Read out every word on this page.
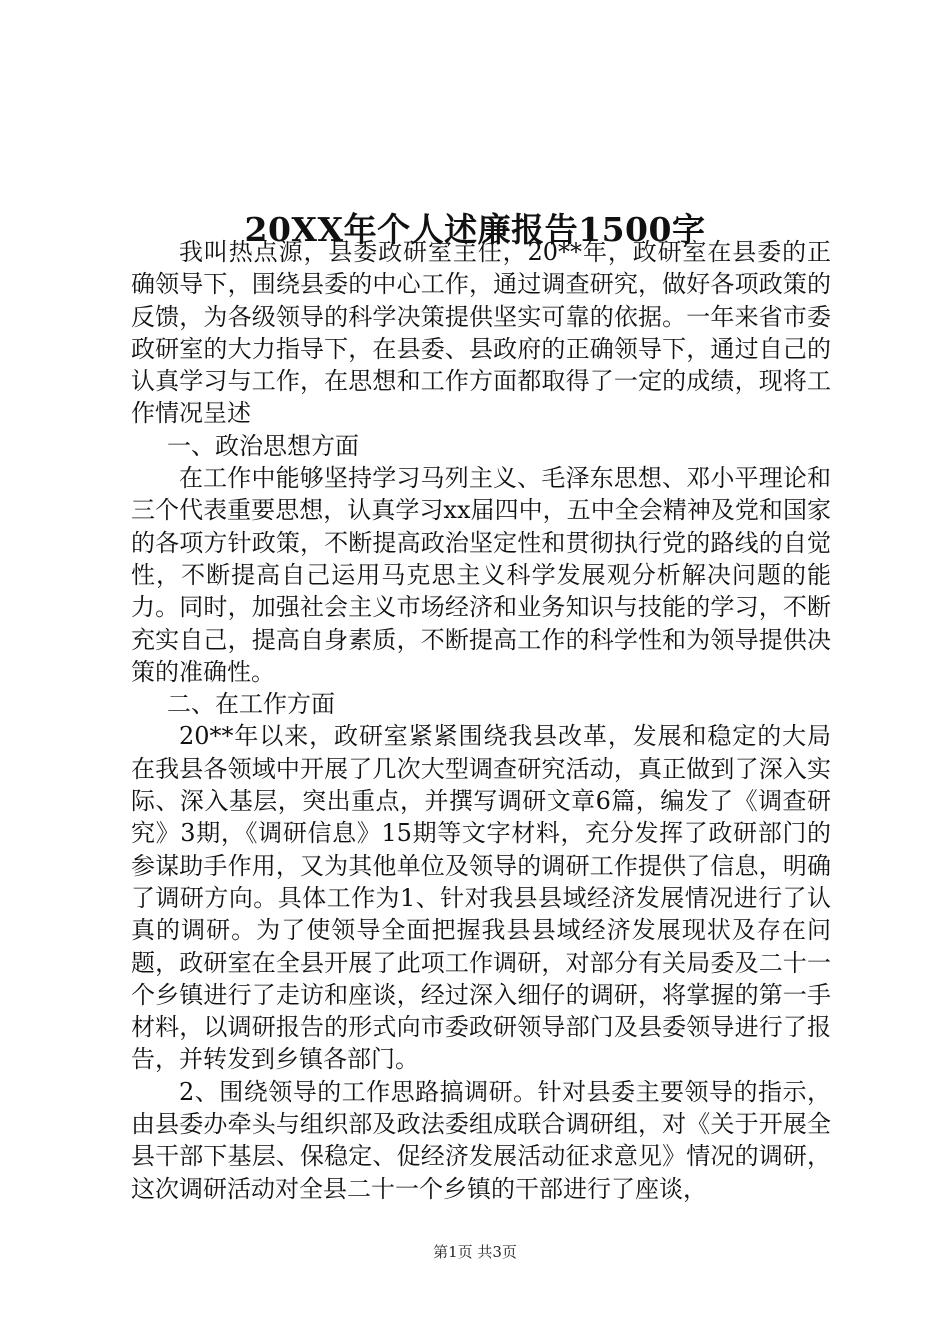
20XX年个人述廉报告1500字

我叫热点源，县委政研室主任，20**年，政研室在县委的正确领导下，围绕县委的中心工作，通过调查研究，做好各项政策的反馈，为各级领导的科学决策提供坚实可靠的依据。一年来省市委政研室的大力指导下，在县委、县政府的正确领导下，通过自己的认真学习与工作，在思想和工作方面都取得了一定的成绩，现将工作情况呈述

一、政治思想方面

在工作中能够坚持学习马列主义、毛泽东思想、邓小平理论和三个代表重要思想，认真学习xx届四中，五中全会精神及党和国家的各项方针政策，不断提高政治坚定性和贯彻执行党的路线的自觉性，不断提高自己运用马克思主义科学发展观分析解决问题的能力。同时，加强社会主义市场经济和业务知识与技能的学习，不断充实自己，提高自身素质，不断提高工作的科学性和为领导提供决策的准确性。

二、在工作方面

20**年以来，政研室紧紧围绕我县改革，发展和稳定的大局在我县各领域中开展了几次大型调查研究活动，真正做到了深入实际、深入基层，突出重点，并撰写调研文章6篇，编发了《调查研究》3期，《调研信息》15期等文字材料，充分发挥了政研部门的参谋助手作用，又为其他单位及领导的调研工作提供了信息，明确了调研方向。具体工作为1、针对我县县域经济发展情况进行了认真的调研。为了使领导全面把握我县县域经济发展现状及存在问题，政研室在全县开展了此项工作调研，对部分有关局委及二十一个乡镇进行了走访和座谈，经过深入细仔的调研，将掌握的第一手材料，以调研报告的形式向市委政研领导部门及县委领导进行了报告，并转发到乡镇各部门。

2、围绕领导的工作思路搞调研。针对县委主要领导的指示，由县委办牵头与组织部及政法委组成联合调研组，对《关于开展全县干部下基层、保稳定、促经济发展活动征求意见》情况的调研，这次调研活动对全县二十一个乡镇的干部进行了座谈，

第1页 共3页
